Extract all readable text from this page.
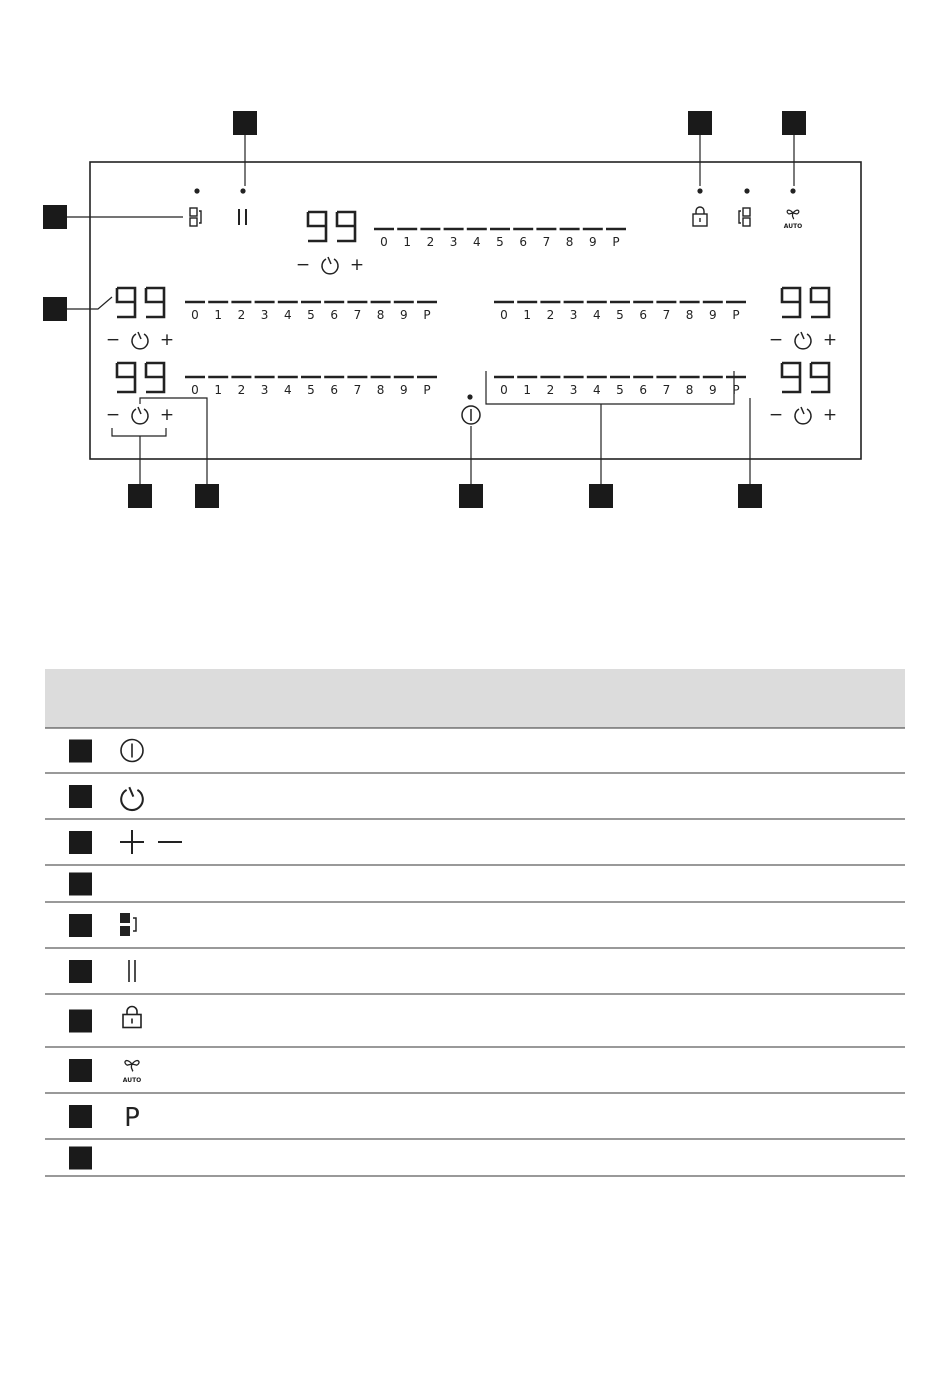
0 1 2 3 4 5 6 7 8 9 P
− +
AUTO
0 1 2 3 4 5 6 7 8 9 P
− +
0 1 2 3 4 5 6 7 8 9 P
− +
0 1 2 3 4 5 6 7 8 9 P
− +
0 1 2 3 4 5 6 7 8 9 P
− +
AUTO
P
